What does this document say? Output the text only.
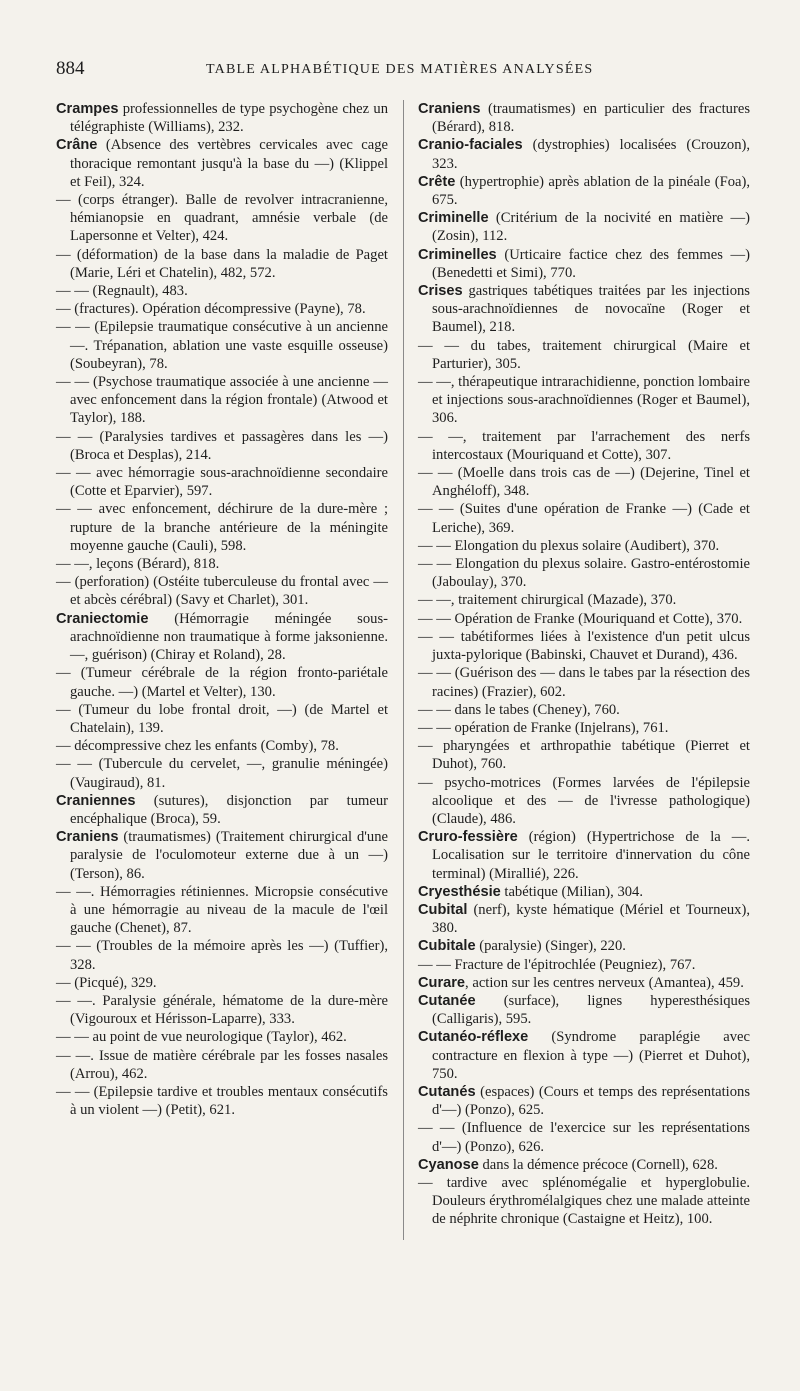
884	TABLE ALPHABÉTIQUE DES MATIÈRES ANALYSÉES

Crampes professionnelles de type psychogène chez un télégraphiste (Williams), 232.

Crâne (Absence des vertèbres cervicales avec cage thoracique remontant jusqu'à la base du —) (Klippel et Feil), 324.

— (corps étranger). Balle de revolver intracranienne, hémianopsie en quadrant, amnésie verbale (de Lapersonne et Velter), 424.

— (déformation) de la base dans la maladie de Paget (Marie, Léri et Chatelin), 482, 572.

— — (Regnault), 483.

— (fractures). Opération décompressive (Payne), 78.

— — (Epilepsie traumatique consécutive à un ancienne —. Trépanation, ablation une vaste esquille osseuse) (Soubeyran), 78.

— — (Psychose traumatique associée à une ancienne — avec enfoncement dans la région frontale) (Atwood et Taylor), 188.

— — (Paralysies tardives et passagères dans les —) (Broca et Desplas), 214.

— — avec hémorragie sous-arachnoïdienne secondaire (Cotte et Eparvier), 597.

— — avec enfoncement, déchirure de la dure-mère ; rupture de la branche antérieure de la méningite moyenne gauche (Cauli), 598.

— —, leçons (Bérard), 818.

— (perforation) (Ostéite tuberculeuse du frontal avec — et abcès cérébral) (Savy et Charlet), 301.

Craniectomie (Hémorragie méningée sous-arachnoïdienne non traumatique à forme jaksonienne. —, guérison) (Chiray et Roland), 28.

— (Tumeur cérébrale de la région fronto-pariétale gauche. —) (Martel et Velter), 130.

— (Tumeur du lobe frontal droit, —) (de Martel et Chatelain), 139.

— décompressive chez les enfants (Comby), 78.

— — (Tubercule du cervelet, —, granulie méningée) (Vaugiraud), 81.

Craniennes (sutures), disjonction par tumeur encéphalique (Broca), 59.

Craniens (traumatismes) (Traitement chirurgical d'une paralysie de l'oculomoteur externe due à un —) (Terson), 86.

— —. Hémorragies rétiniennes. Micropsie consécutive à une hémorragie au niveau de la macule de l'œil gauche (Chenet), 87.

— — (Troubles de la mémoire après les —) (Tuffier), 328.

— (Picqué), 329.

— —. Paralysie générale, hématome de la dure-mère (Vigouroux et Hérisson-Laparre), 333.

— — au point de vue neurologique (Taylor), 462.

— —. Issue de matière cérébrale par les fosses nasales (Arrou), 462.

— — (Epilepsie tardive et troubles mentaux consécutifs à un violent —) (Petit), 621.

Craniens (traumatismes) en particulier des fractures (Bérard), 818.

Cranio-faciales (dystrophies) localisées (Crouzon), 323.

Crête (hypertrophie) après ablation de la pinéale (Foa), 675.

Criminelle (Critérium de la nocivité en matière —) (Zosin), 112.

Criminelles (Urticaire factice chez des femmes —) (Benedetti et Simi), 770.

Crises gastriques tabétiques traitées par les injections sous-arachnoïdiennes de novocaïne (Roger et Baumel), 218.

— — du tabes, traitement chirurgical (Maire et Parturier), 305.

— —, thérapeutique intrarachidienne, ponction lombaire et injections sous-arachnoïdiennes (Roger et Baumel), 306.

— —, traitement par l'arrachement des nerfs intercostaux (Mouriquand et Cotte), 307.

— — (Moelle dans trois cas de —) (Dejerine, Tinel et Anghéloff), 348.

— — (Suites d'une opération de Franke —) (Cade et Leriche), 369.

— — Elongation du plexus solaire (Audibert), 370.

— — Elongation du plexus solaire. Gastro-entérostomie (Jaboulay), 370.

— —, traitement chirurgical (Mazade), 370.

— — Opération de Franke (Mouriquand et Cotte), 370.

— — tabétiformes liées à l'existence d'un petit ulcus juxta-pylorique (Babinski, Chauvet et Durand), 436.

— — (Guérison des — dans le tabes par la résection des racines) (Frazier), 602.

— — dans le tabes (Cheney), 760.

— — opération de Franke (Injelrans), 761.

— pharyngées et arthropathie tabétique (Pierret et Duhot), 760.

— psycho-motrices (Formes larvées de l'épilepsie alcoolique et des — de l'ivresse pathologique) (Claude), 486.

Cruro-fessière (région) (Hypertrichose de la —. Localisation sur le territoire d'innervation du cône terminal) (Mirallié), 226.

Cryesthésie tabétique (Milian), 304.

Cubital (nerf), kyste hématique (Mériel et Tourneux), 380.

Cubitale (paralysie) (Singer), 220.

— — Fracture de l'épitrochlée (Peugniez), 767.

Curare, action sur les centres nerveux (Amantea), 459.

Cutanée (surface), lignes hyperesthésiques (Calligaris), 595.

Cutanéo-réflexe (Syndrome paraplégie avec contracture en flexion à type —) (Pierret et Duhot), 750.

Cutanés (espaces) (Cours et temps des représentations d'—) (Ponzo), 625.

— — (Influence de l'exercice sur les représentations d'—) (Ponzo), 626.

Cyanose dans la démence précoce (Cornell), 628.

— tardive avec splénomégalie et hyperglobulie. Douleurs érythromélalgiques chez une malade atteinte de néphrite chronique (Castaigne et Heitz), 100.
